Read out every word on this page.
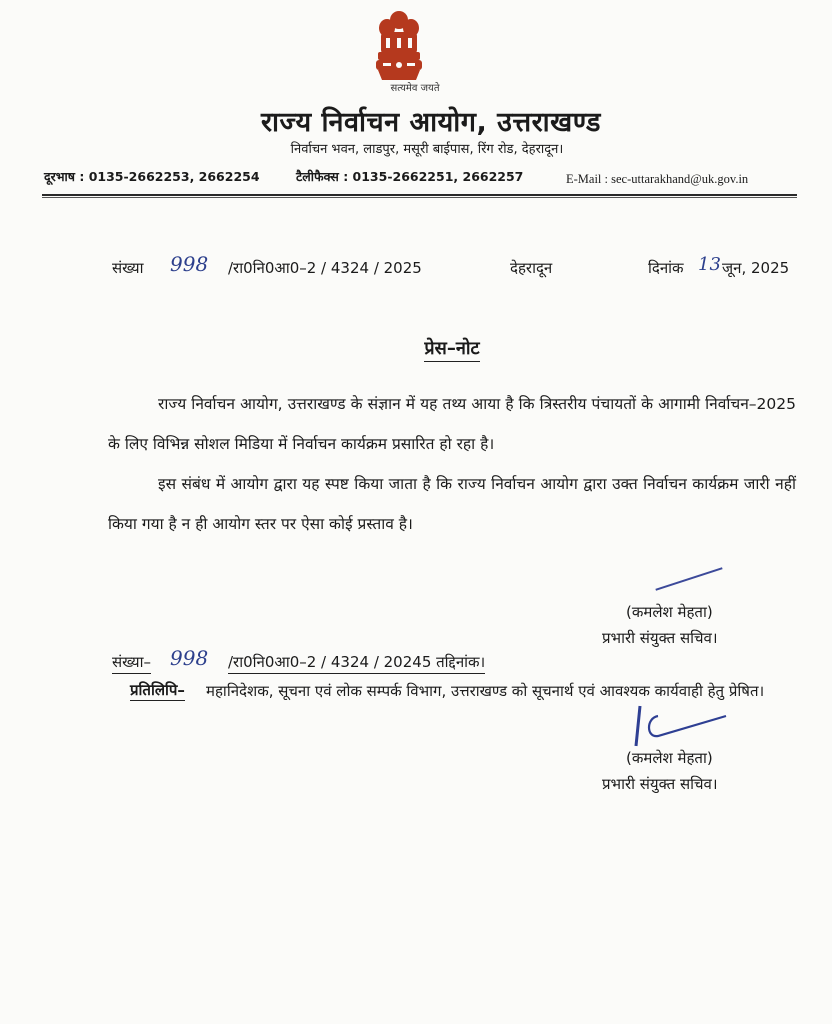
सत्यमेव जयते
राज्य निर्वाचन आयोग, उत्तराखण्ड
निर्वाचन भवन, लाडपुर, मसूरी बाईपास, रिंग रोड, देहरादून।
दूरभाष : 0135-2662253, 2662254	टैलीफैक्स : 0135-2662251, 2662257	E-Mail : sec-uttarakhand@uk.gov.in
संख्या 998 /रा0नि0आ0–2 / 4324 / 2025	देहरादून	दिनांक 13 जून, 2025
प्रेस–नोट
राज्य निर्वाचन आयोग, उत्तराखण्ड के संज्ञान में यह तथ्य आया है कि त्रिस्तरीय पंचायतों के आगामी निर्वाचन–2025 के लिए विभिन्न सोशल मिडिया में निर्वाचन कार्यक्रम प्रसारित हो रहा है।
इस संबंध में आयोग द्वारा यह स्पष्ट किया जाता है कि राज्य निर्वाचन आयोग द्वारा उक्त निर्वाचन कार्यक्रम जारी नहीं किया गया है न ही आयोग स्तर पर ऐसा कोई प्रस्ताव है।
(कमलेश मेहता)
प्रभारी संयुक्त सचिव।
संख्या– 998 /रा0नि0आ0–2 / 4324 / 20245 तद्दिनांक।
प्रतिलिपि– महानिदेशक, सूचना एवं लोक सम्पर्क विभाग, उत्तराखण्ड को सूचनार्थ एवं आवश्यक कार्यवाही हेतु प्रेषित।
(कमलेश मेहता)
प्रभारी संयुक्त सचिव।
